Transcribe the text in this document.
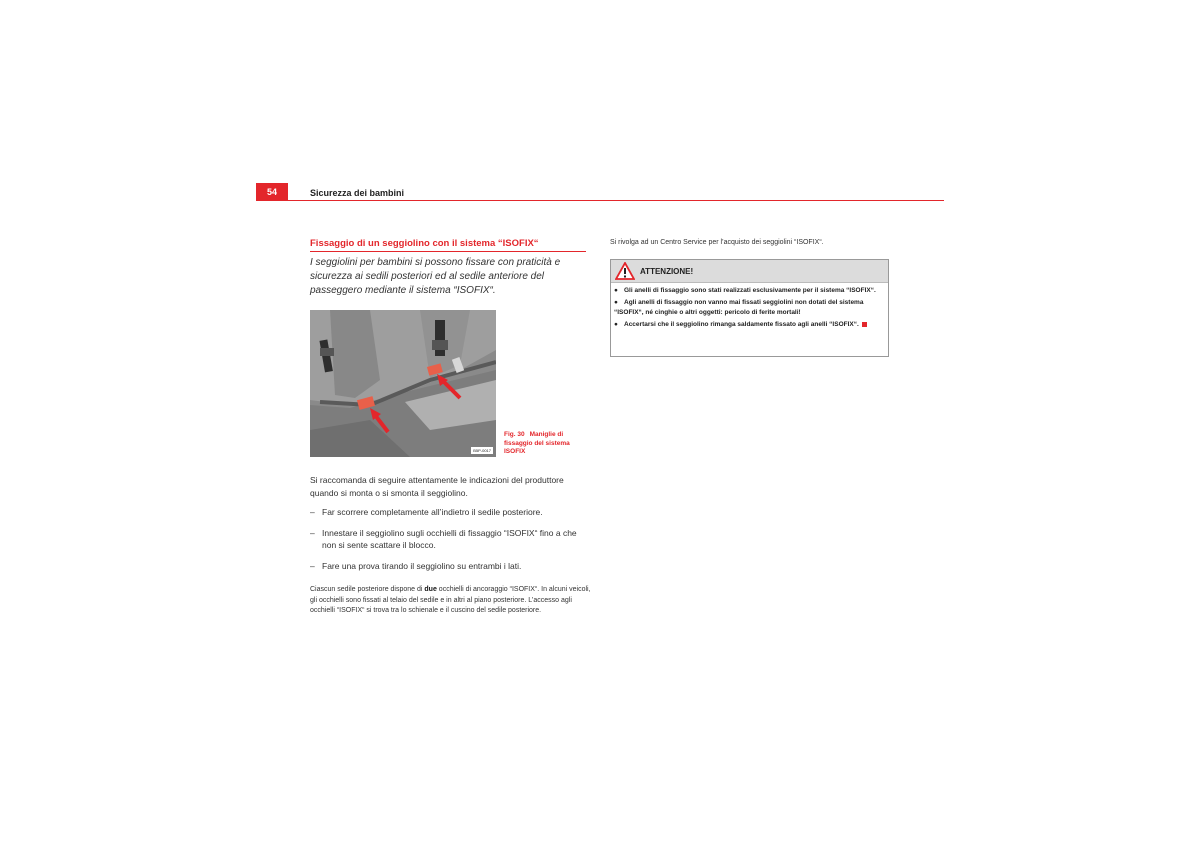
54	Sicurezza dei bambini
Fissaggio di un seggiolino con il sistema “ISOFIX“
I seggiolini per bambini si possono fissare con praticità e sicurezza ai sedili posteriori ed al sedile anteriore del passeggero mediante il sistema “ISOFIX“.
B5P-0017
Fig. 30 Maniglie di fissaggio del sistema ISOFIX
Si raccomanda di seguire attentamente le indicazioni del produttore quando si monta o si smonta il seggiolino.
– Far scorrere completamente all’indietro il sedile posteriore.
– Innestare il seggiolino sugli occhielli di fissaggio “ISOFIX“ fino a che non si sente scattare il blocco.
– Fare una prova tirando il seggiolino su entrambi i lati.
Ciascun sedile posteriore dispone di due occhielli di ancoraggio “ISOFIX“. In alcuni veicoli, gli occhielli sono fissati al telaio del sedile e in altri al piano posteriore. L’accesso agli occhielli “ISOFIX“ si trova tra lo schienale e il cuscino del sedile posteriore.
Si rivolga ad un Centro Service per l’acquisto dei seggiolini “ISOFIX“.
ATTENZIONE!
● Gli anelli di fissaggio sono stati realizzati esclusivamente per il sistema “ISOFIX“.
● Agli anelli di fissaggio non vanno mai fissati seggiolini non dotati del sistema “ISOFIX“, né cinghie o altri oggetti: pericolo di ferite mortali!
● Accertarsi che il seggiolino rimanga saldamente fissato agli anelli “ISOFIX“.
